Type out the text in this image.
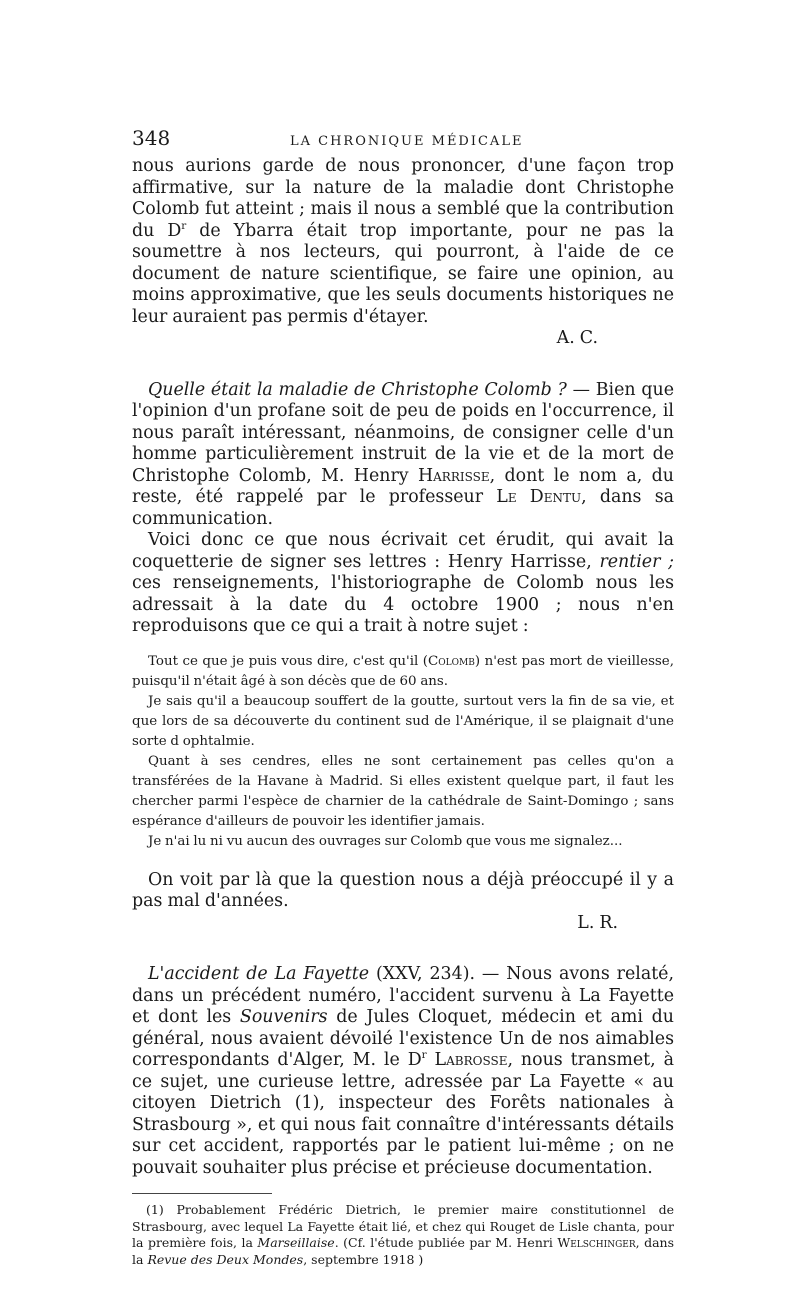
348	LA CHRONIQUE MÉDICALE

nous aurions garde de nous prononcer, d'une façon trop affirmative, sur la nature de la maladie dont Christophe Colomb fut atteint ; mais il nous a semblé que la contribution du $D^r$ de Ybarra était trop importante, pour ne pas la soumettre à nos lecteurs, qui pourront, à l'aide de ce document de nature scientifique, se faire une opinion, au moins approximative, que les seuls documents historiques ne leur auraient pas permis d'étayer.

A. C.

Quelle était la maladie de Christophe Colomb ? — Bien que l'opinion d'un profane soit de peu de poids en l'occurrence, il nous paraît intéressant, néanmoins, de consigner celle d'un homme particulièrement instruit de la vie et de la mort de Christophe Colomb, M. Henry Harrisse, dont le nom a, du reste, été rappelé par le professeur Le Dentu, dans sa communication.

Voici donc ce que nous écrivait cet érudit, qui avait la coquetterie de signer ses lettres : Henry Harrisse, rentier ; ces renseignements, l'historiographe de Colomb nous les adressait à la date du 4 octobre 1900 ; nous n'en reproduisons que ce qui a trait à notre sujet :

Tout ce que je puis vous dire, c'est qu'il (Colomb) n'est pas mort de vieillesse, puisqu'il n'était âgé à son décès que de 60 ans.

Je sais qu'il a beaucoup souffert de la goutte, surtout vers la fin de sa vie, et que lors de sa découverte du continent sud de l'Amérique, il se plaignait d'une sorte d ophtalmie.

Quant à ses cendres, elles ne sont certainement pas celles qu'on a transférées de la Havane à Madrid. Si elles existent quelque part, il faut les chercher parmi l'espèce de charnier de la cathédrale de Saint-Domingo ; sans espérance d'ailleurs de pouvoir les identifier jamais.

Je n'ai lu ni vu aucun des ouvrages sur Colomb que vous me signalez...

On voit par là que la question nous a déjà préoccupé il y a pas mal d'années.

L. R.

L'accident de La Fayette (XXV, 234). — Nous avons relaté, dans un précédent numéro, l'accident survenu à La Fayette et dont les Souvenirs de Jules Cloquet, médecin et ami du général, nous avaient dévoilé l'existence Un de nos aimables correspondants d'Alger, M. le $D^r$ Labrosse, nous transmet, à ce sujet, une curieuse lettre, adressée par La Fayette « au citoyen Dietrich (1), inspecteur des Forêts nationales à Strasbourg », et qui nous fait connaître d'intéressants détails sur cet accident, rapportés par le patient lui-même ; on ne pouvait souhaiter plus précise et précieuse documentation.

(1) Probablement Frédéric Dietrich, le premier maire constitutionnel de Strasbourg, avec lequel La Fayette était lié, et chez qui Rouget de Lisle chanta, pour la première fois, la Marseillaise. (Cf. l'étude publiée par M. Henri Welschinger, dans la Revue des Deux Mondes, septembre 1918 )
